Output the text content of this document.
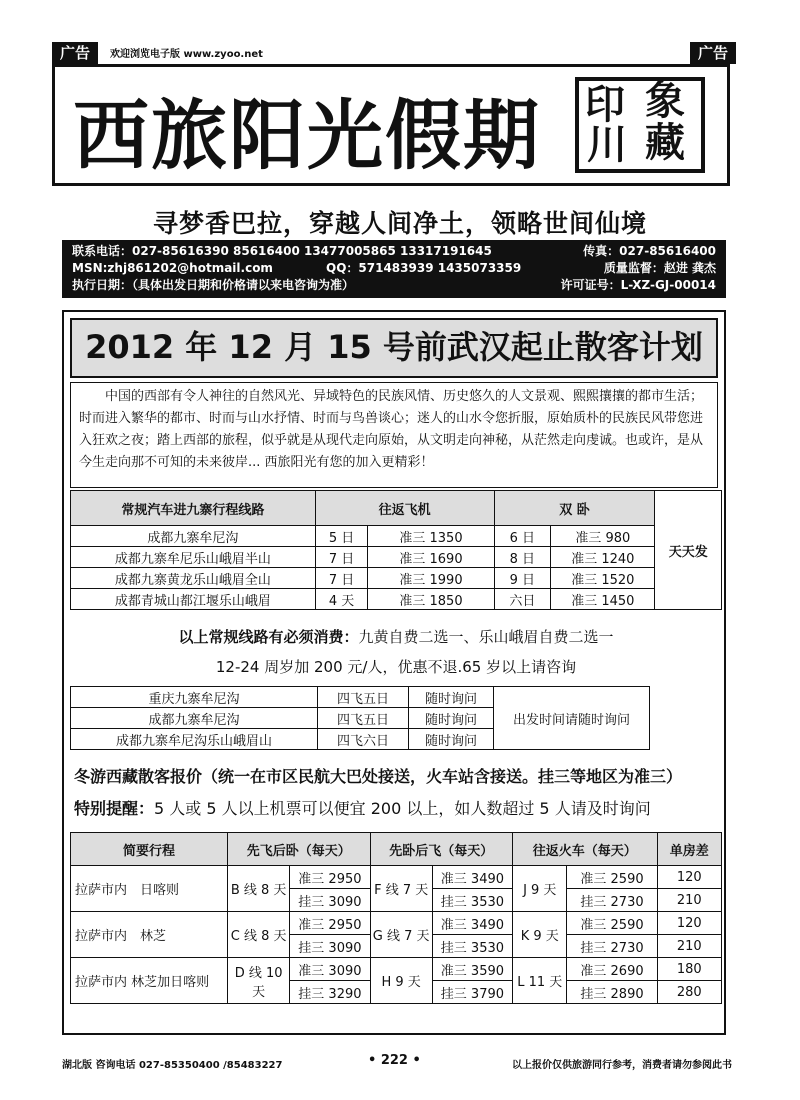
广告	欢迎浏览电子版 www.zyoo.net	广告
西旅阳光假期 印 象
川 藏
寻梦香巴拉，穿越人间净土，领略世间仙境
联系电话：027-85616390 85616400 13477005865 13317191645	传真：027-85616400
MSN:zhj861202@hotmail.com	QQ：571483939 1435073359	质量监督：赵进 龚杰
执行日期：（具体出发日期和价格请以来电咨询为准）	许可证号：L-XZ-GJ-00014
2012 年 12 月 15 号前武汉起止散客计划
中国的西部有令人神往的自然风光、异域特色的民族风情、历史悠久的人文景观、熙熙攘攘的都市生活；时而进入繁华的都市、时而与山水抒情、时而与鸟兽谈心；迷人的山水令您折服，原始质朴的民族民风带您进入狂欢之夜；踏上西部的旅程，似乎就是从现代走向原始，从文明走向神秘，从茫然走向虔诚。也或许，是从今生走向那不可知的未来彼岸... 西旅阳光有您的加入更精彩！
常规汽车进九寨行程线路	往返飞机		双 卧		天天发
成都九寨牟尼沟	5 日	准三 1350	6 日	准三 980	
成都九寨牟尼乐山峨眉半山	7 日	准三 1690	8 日	准三 1240	
成都九寨黄龙乐山峨眉全山	7 日	准三 1990	9 日	准三 1520	
成都青城山都江堰乐山峨眉	4 天	准三 1850	六日	准三 1450	
以上常规线路有必须消费：九黄自费二选一、乐山峨眉自费二选一
12-24 周岁加 200 元/人，优惠不退.65 岁以上请咨询
重庆九寨牟尼沟	四飞五日	随时询问	出发时间请随时询问
成都九寨牟尼沟	四飞五日	随时询问	
成都九寨牟尼沟乐山峨眉山	四飞六日	随时询问	
冬游西藏散客报价（统一在市区民航大巴处接送，火车站含接送。挂三等地区为准三）
特别提醒：5 人或 5 人以上机票可以便宜 200 以上，如人数超过 5 人请及时询问
简要行程	先飞后卧（每天）		先卧后飞（每天）		往返火车（每天）		单房差
拉萨市内　日喀则	B 线 8 天	准三 2950	F 线 7 天	准三 3490	J 9 天	准三 2590	120
		挂三 3090		挂三 3530		挂三 2730	210
拉萨市内　林芝	C 线 8 天	准三 2950	G 线 7 天	准三 3490	K 9 天	准三 2590	120
		挂三 3090		挂三 3530		挂三 2730	210
拉萨市内 林芝加日喀则	D 线 10 天	准三 3090	H 9 天	准三 3590	L 11 天	准三 2690	180
		挂三 3290		挂三 3790		挂三 2890	280
湖北版 咨询电话 027-85350400 /85483227	• 222 •	以上报价仅供旅游同行参考，消费者请勿参阅此书
